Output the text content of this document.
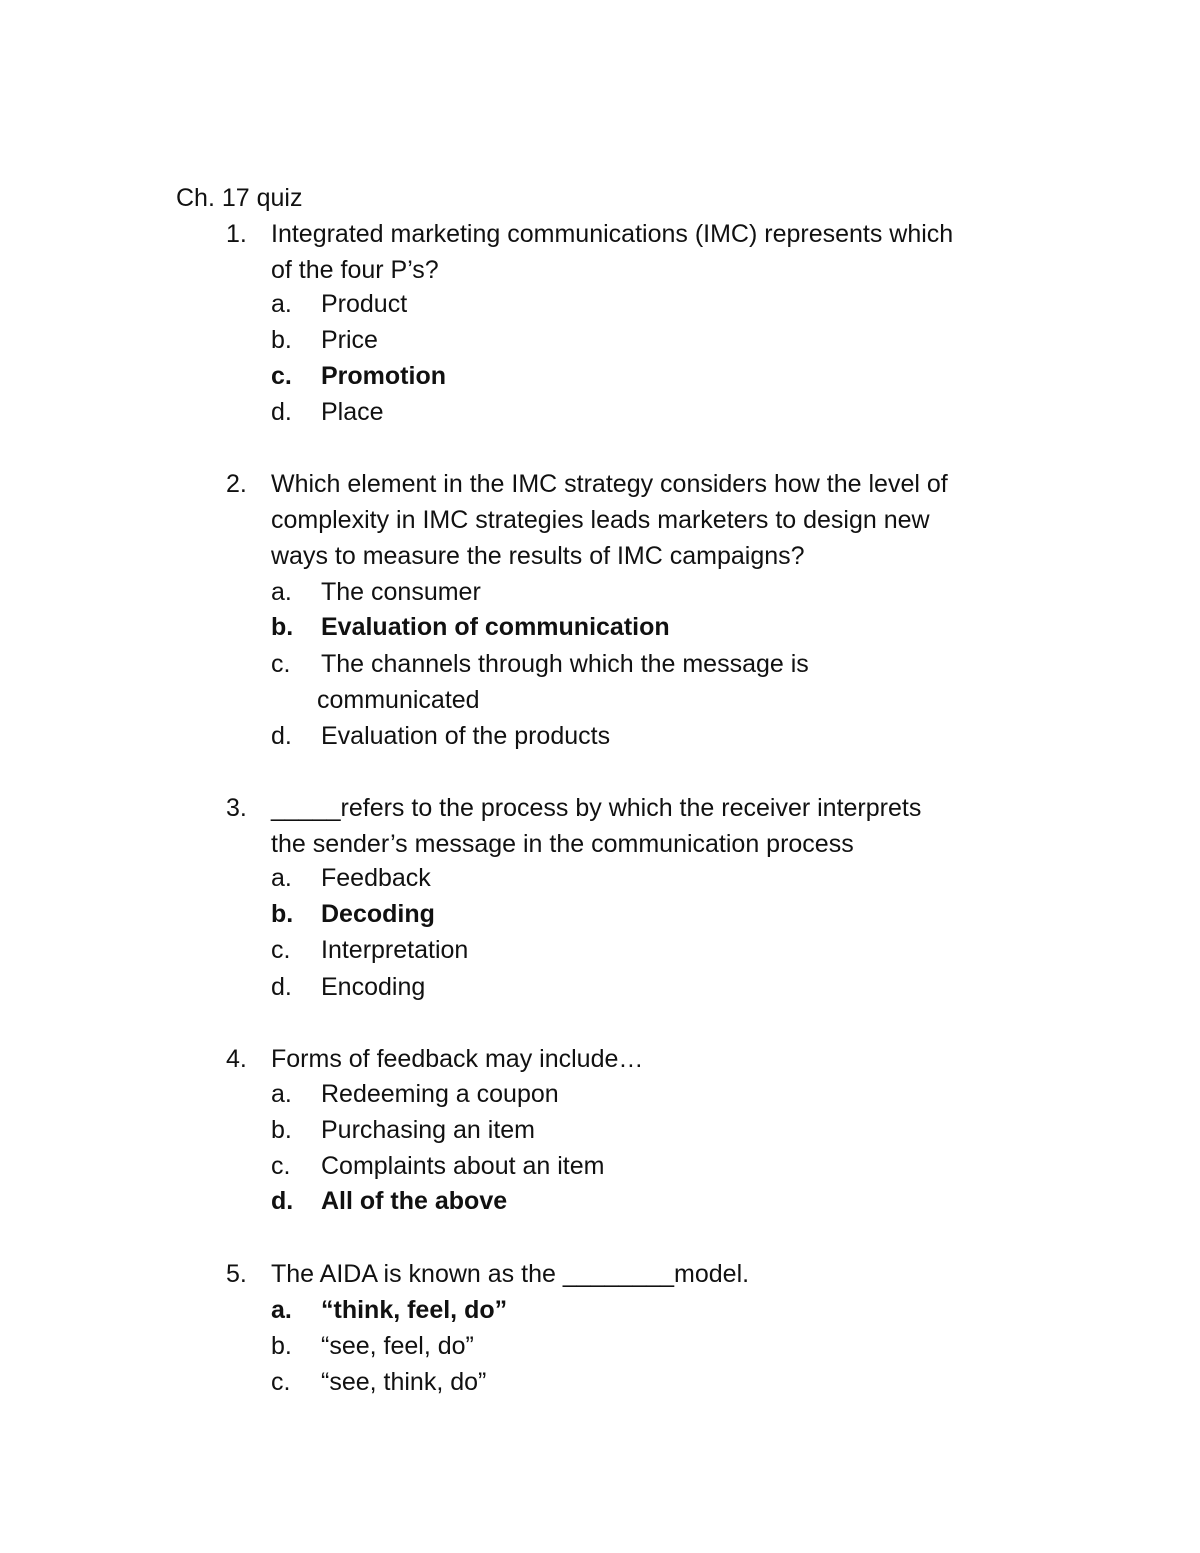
Ch. 17 quiz
1. Integrated marketing communications (IMC) represents which
of the four P’s?
a. Product
b. Price
c. Promotion
d. Place
2. Which element in the IMC strategy considers how the level of
complexity in IMC strategies leads marketers to design new
ways to measure the results of IMC campaigns?
a. The consumer
b. Evaluation of communication
c. The channels through which the message is
communicated
d. Evaluation of the products
3. _____refers to the process by which the receiver interprets
the sender’s message in the communication process
a. Feedback
b. Decoding
c. Interpretation
d. Encoding
4. Forms of feedback may include…
a. Redeeming a coupon
b. Purchasing an item
c. Complaints about an item
d. All of the above
5. The AIDA is known as the ________model.
a. “think, feel, do”
b. “see, feel, do”
c. “see, think, do”
